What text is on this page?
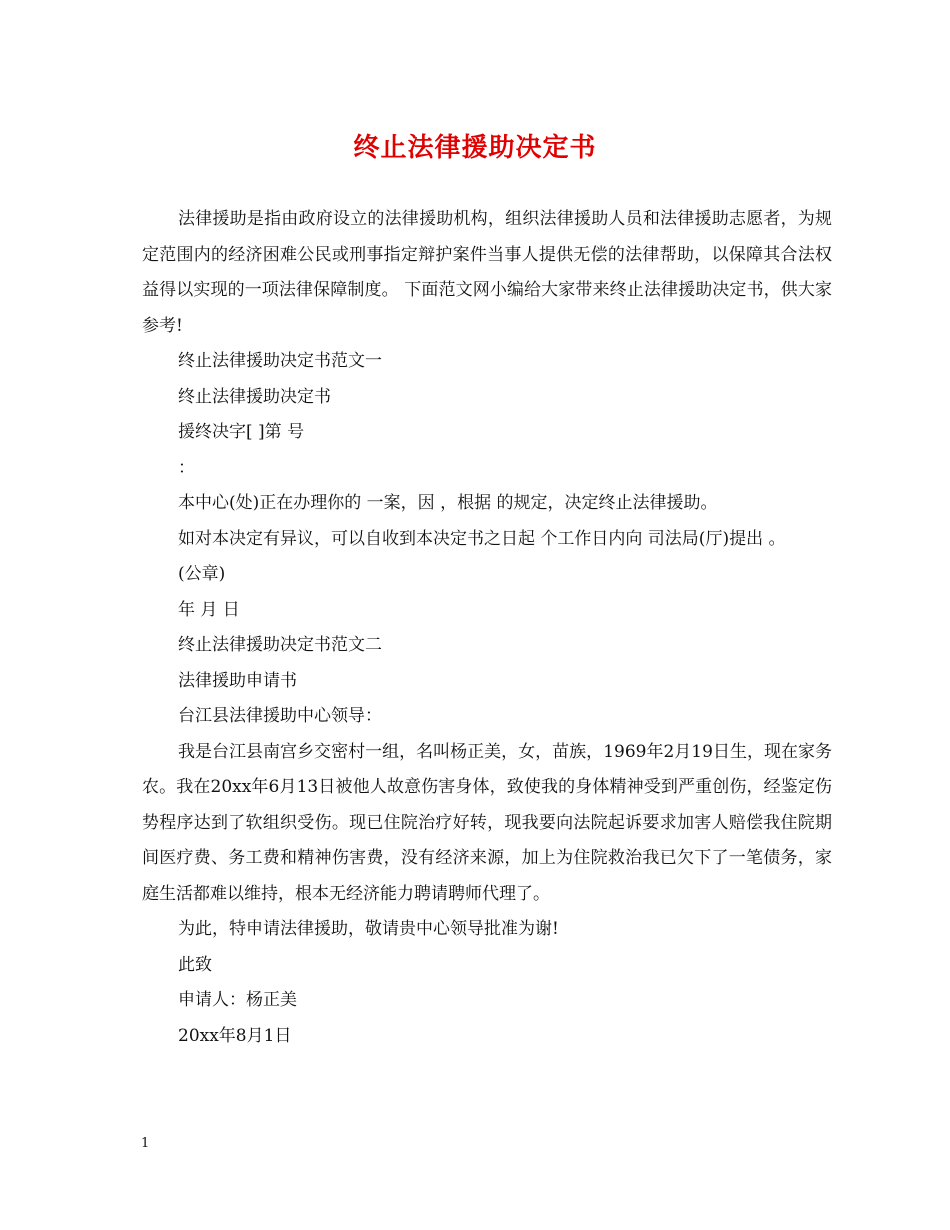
终止法律援助决定书

法律援助是指由政府设立的法律援助机构，组织法律援助人员和法律援助志愿者，为规定范围内的经济困难公民或刑事指定辩护案件当事人提供无偿的法律帮助，以保障其合法权益得以实现的一项法律保障制度。 下面范文网小编给大家带来终止法律援助决定书，供大家参考!

终止法律援助决定书范文一

终止法律援助决定书

援终决字[ ]第 号

：

本中心(处)正在办理你的 一案，因 ，根据 的规定，决定终止法律援助。

如对本决定有异议，可以自收到本决定书之日起 个工作日内向 司法局(厅)提出 。

(公章)

年 月 日

终止法律援助决定书范文二

法律援助申请书

台江县法律援助中心领导：

我是台江县南宫乡交密村一组，名叫杨正美，女，苗族，1969年2月19日生，现在家务农。我在20xx年6月13日被他人故意伤害身体，致使我的身体精神受到严重创伤，经鉴定伤势程序达到了软组织受伤。现已住院治疗好转，现我要向法院起诉要求加害人赔偿我住院期间医疗费、务工费和精神伤害费，没有经济来源，加上为住院救治我已欠下了一笔债务，家庭生活都难以维持，根本无经济能力聘请聘师代理了。

为此，特申请法律援助，敬请贵中心领导批准为谢!

此致

申请人：杨正美

20xx年8月1日

1
